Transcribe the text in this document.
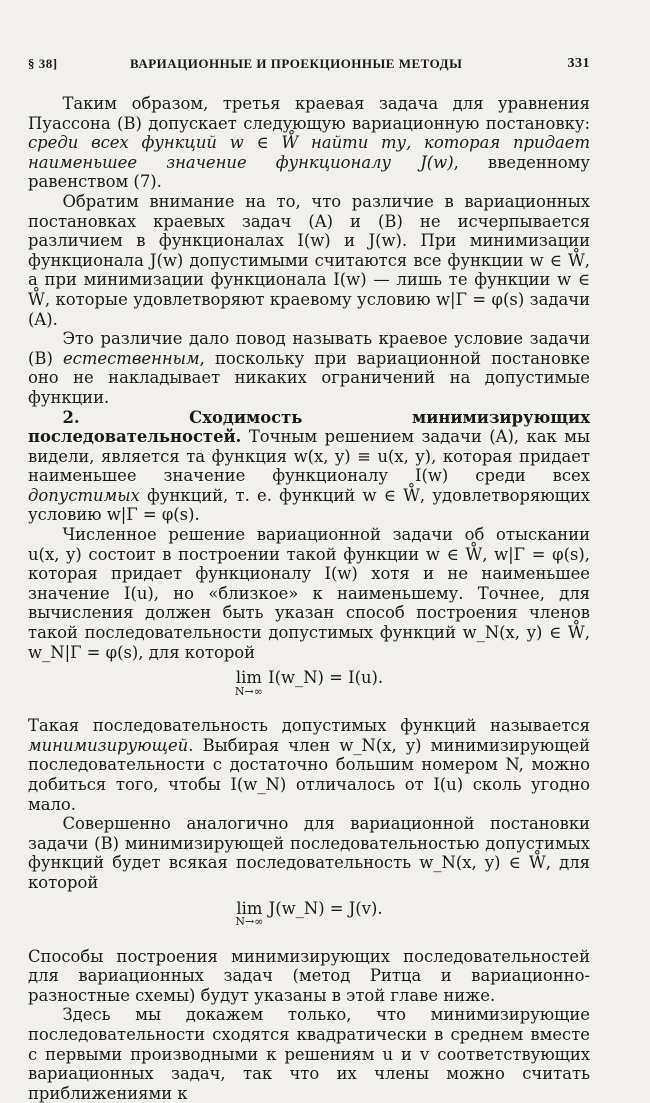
§ 38]	ВАРИАЦИОННЫЕ И ПРОЕКЦИОННЫЕ МЕТОДЫ	331

Таким образом, третья краевая задача для уравнения Пуассона (B) допускает следующую вариационную постановку: среди всех функций w ∈ W̊ найти ту, которая придает наименьшее значение функционалу J(w), введенному равенством (7).

Обратим внимание на то, что различие в вариационных постановках краевых задач (A) и (B) не исчерпывается различием в функционалах I(w) и J(w). При минимизации функционала J(w) допустимыми считаются все функции w ∈ W̊, а при минимизации функционала I(w) — лишь те функции w ∈ W̊, которые удовлетворяют краевому условию w|Γ = φ(s) задачи (A).

Это различие дало повод называть краевое условие задачи (B) естественным, поскольку при вариационной постановке оно не накладывает никаких ограничений на допустимые функции.

2. Сходимость минимизирующих последовательностей. Точным решением задачи (A), как мы видели, является та функция w(x, y) ≡ u(x, y), которая придает наименьшее значение функционалу I(w) среди всех допустимых функций, т. е. функций w ∈ W̊, удовлетворяющих условию w|Γ = φ(s).

Численное решение вариационной задачи об отыскании u(x, y) состоит в построении такой функции w ∈ W̊, w|Γ = φ(s), которая придает функционалу I(w) хотя и не наименьшее значение I(u), но «близкое» к наименьшему. Точнее, для вычисления должен быть указан способ построения членов такой последовательности допустимых функций w_N(x, y) ∈ W̊, w_N|Γ = φ(s), для которой

lim
N→∞
I(w_N) = I(u).

Такая последовательность допустимых функций называется минимизирующей. Выбирая член w_N(x, y) минимизирующей последовательности с достаточно большим номером N, можно добиться того, чтобы I(w_N) отличалось от I(u) сколь угодно мало.

Совершенно аналогично для вариационной постановки задачи (B) минимизирующей последовательностью допустимых функций будет всякая последовательность w_N(x, y) ∈ W̊, для которой

lim
N→∞
J(w_N) = J(v).

Способы построения минимизирующих последовательностей для вариационных задач (метод Ритца и вариационно-разностные схемы) будут указаны в этой главе ниже.

Здесь мы докажем только, что минимизирующие последовательности сходятся квадратически в среднем вместе с первыми производными к решениям u и v соответствующих вариационных задач, так что их члены можно считать приближениями к
